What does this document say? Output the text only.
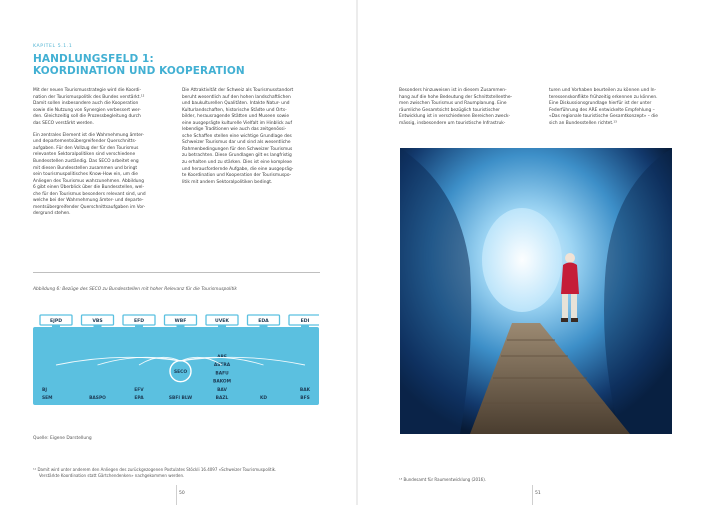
KAPITEL 5.1.1
HANDLUNGSFELD 1:
KOORDINATION UND KOOPERATION

Mit der neuen Tourismusstrategie wird die Koordi-
nation der Tourismuspolitik des Bundes verstärkt.¹²
Damit sollen insbesondere auch die Kooperation
sowie die Nutzung von Synergien verbessert wer-
den. Gleichzeitig soll die Prozessbegleitung durch
das SECO verstärkt werden.

Ein zentrales Element ist die Wahrnehmung ämter-
und departementsübergreifender Querschnitts-
aufgaben. Für den Vollzug der für den Tourismus
relevanten Sektoralpolitiken sind verschiedene
Bundesstellen zuständig. Das SECO arbeitet eng
mit diesen Bundesstellen zusammen und bringt
sein tourismuspolitisches Know-How ein, um die
Anliegen des Tourismus wahrzunehmen. Abbildung
6 gibt einen Überblick über die Bundesstellen, wel-
che für den Tourismus besonders relevant sind, und
welche bei der Wahrnehmung ämter- und departe-
mentsübergreifender Querschnittsaufgaben im Vor-
dergrund stehen.

Die Attraktivität der Schweiz als Tourismusstandort
beruht wesentlich auf den hohen landschaftlichen
und baukulturellen Qualitäten. Intakte Natur- und
Kulturlandschaften, historische Städte und Orts-
bilder, herausragende Stätten und Museen sowie
eine ausgeprägte kulturelle Vielfalt im Hinblick auf
lebendige Traditionen wie auch das zeitgenössi-
sche Schaffen stellen eine wichtige Grundlage des
Schweizer Tourismus dar und sind als wesentliche
Rahmenbedingungen für den Schweizer Tourismus
zu betrachten. Diese Grundlagen gilt es langfristig
zu erhalten und zu stärken. Dies ist eine komplexe
und herausfordernde Aufgabe, die eine ausgepräg-
te Koordination und Kooperation der Tourismuspo-
litik mit andern Sektoralpolitiken bedingt.

Abbildung 6: Bezüge des SECO zu Bundesstellen mit hoher Relevanz für die Tourismuspolitik
EJPD
BJ
SEM
VBS
BASPO
EFD
EFV
EPA
WBF
SBFI BLW
SECO
UVEK
ARE
ASTRA
BAFU
BAKOM
BAV
BAZL
EDA
KD
EDI
BAK
BFS
Quelle: Eigene Darstellung
¹² Damit wird unter anderem den Anliegen des zurückgezogenen Postulates Stöckli 16.4097 «Schweizer Tourismuspolitik.
Verstärkte Koordination statt Gärtchendenken» nachgekommen werden.
50

Besonders hinzuweisen ist in diesem Zusammen-
hang auf die hohe Bedeutung der Schnittstellenthe-
men zwischen Tourismus und Raumplanung. Eine
räumliche Gesamtsicht bezüglich touristischer
Entwicklung ist in verschiedenen Bereichen zweck-
mässig, insbesondere um touristische Infrastruk-

turen und Vorhaben beurteilen zu können und In-
teressenskonflikte frühzeitig erkennen zu können.
Eine Diskussionsgrundlage hierfür ist der unter
Federführung des ARE entwickelte Empfehlung –
«Das regionale touristische Gesamtkonzept» – die
sich an Bundesstellen richtet.¹³

¹³ Bundesamt für Raumentwicklung (2016).
51
